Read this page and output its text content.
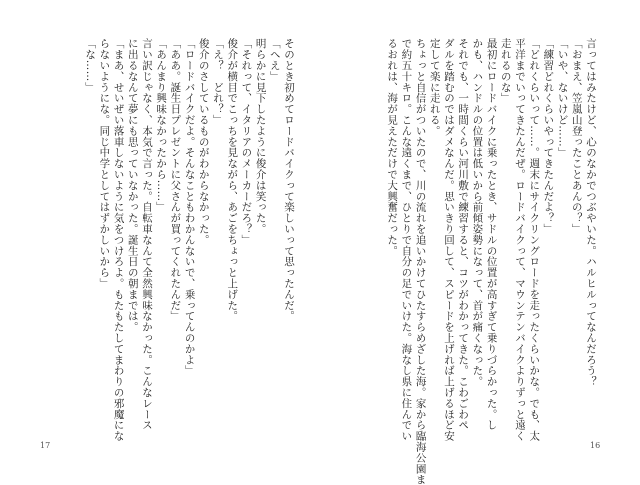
言ってはみたけど、心のなかでつぶやいた。ハルヒルってなんだろう？

「おまえ、笠嵐山登ったことあんの？」

「いや、ないけど……」

「練習どれくらいやってきたんだよ？」

「どれくらいって……。週末にサイクリングロードを走ったくらいかな。でも、太

平洋までいってきたんだぜ。ロードバイクって、マウンテンバイクよりずっと遠く

走れるのな」

最初にロードバイクに乗ったとき、サドルの位置が高すぎて乗りづらかった。し

かも、ハンドルの位置は低いから前傾姿勢になって、首が痛くなった。

それでも、一時間くらい河川敷で練習すると、コツがわかってきた。こわごわペ

ダルを踏むのではダメなんだ。思いきり回して、スピードを上げれば上げるほど安

定して楽に走れる。

ちょっと自信がついたので、川の流れを追いかけてひたすらめざした海。家から臨海公園ま

で約五十キロ。こんな遠くまで、ひとりで自分の足でいけた。海なし県に住んでい

るおれは、海が見えただけで大興奮だった。

そのとき初めてロードバイクって楽しいって思ったんだ。

「へえ」

明らかに見下したように俊介は笑った。

「それって、イタリアのメーカーだろ？」

俊介が横目でこっちを見ながら、あごをちょっと上げた。

「え？　どれ？」

俊介のさしているものがわからなかった。

「ロードバイクだよ。そんなこともわかんないで、乗ってんのかよ」

「ああ。誕生日プレゼントに父さんが買ってくれたんだ」

「あんまり興味なかったから……」

言い訳じゃなく、本気で言った。自転車なんて全然興味なかった。こんなレース

に出るなんて夢にも思っていなかった。誕生日の朝までは。

「まあ、せいぜい落車しないように気をつけろよ。もたもたしてまわりの邪魔にな

らないようにな。同じ中学としてはずかしいから」

「な……」

17	16
